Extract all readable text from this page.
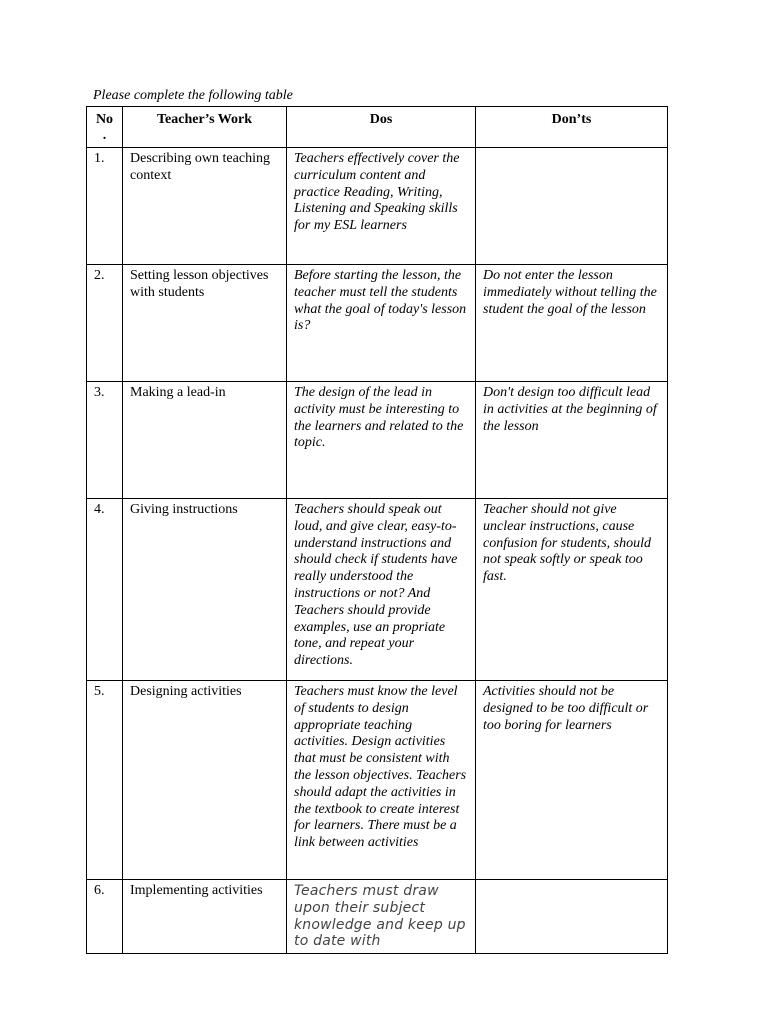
Please complete the following table
No
.	Teacher’s Work	Dos	Don’ts
1.	Describing own teaching context	Teachers effectively cover the curriculum content and practice Reading, Writing, Listening and Speaking skills for my ESL learners	
2.	Setting lesson objectives with students	Before starting the lesson, the teacher must tell the students what the goal of today's lesson is?	Do not enter the lesson immediately without telling the student the goal of the lesson
3.	Making a lead-in	The design of the lead in activity must be interesting to the learners and related to the topic.	Don't design too difficult lead in activities at the beginning of the lesson
4.	Giving instructions	Teachers should speak out loud, and give clear, easy-to-understand instructions and should check if students have really understood the instructions or not? And Teachers should provide examples, use an propriate tone, and repeat your directions.	Teacher should not give unclear instructions, cause confusion for students, should not speak softly or speak too fast.
5.	Designing activities	Teachers must know the level of students to design appropriate teaching activities. Design activities that must be consistent with the lesson objectives. Teachers should adapt the activities in the textbook to create interest for learners. There must be a link between activities	Activities should not be designed to be too difficult or too boring for learners
6.	Implementing activities	Teachers must draw upon their subject knowledge and keep up to date with	
